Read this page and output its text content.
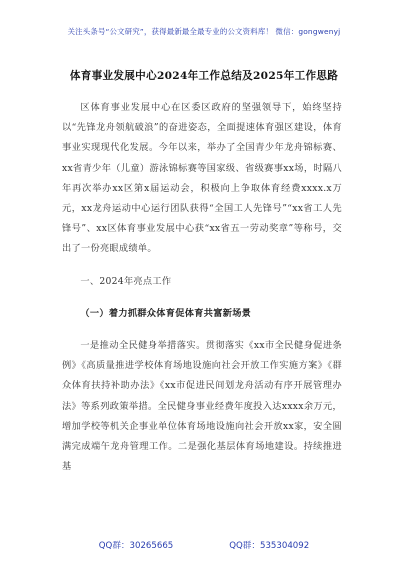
关注头条号“公文研究”，获得最新最全最专业的公文资料库！ 微信：gongwenyj
体育事业发展中心2024年工作总结及2025年工作思路

区体育事业发展中心在区委区政府的坚强领导下，始终坚持以“先锋龙舟领航破浪”的奋进姿态，全面提速体育强区建设，体育事业实现现代化发展。今年以来，举办了全国青少年龙舟锦标赛、xx省青少年（儿童）游泳锦标赛等国家级、省级赛事xx场，时隔八年再次举办xx区第x届运动会，积极向上争取体育经费xxxx.x万元，xx龙舟运动中心运行团队获得“全国工人先锋号”“xx省工人先锋号”、xx区体育事业发展中心获“xx省五一劳动奖章”等称号，交出了一份亮眼成绩单。

一、2024年亮点工作

（一）着力抓群众体育促体育共富新场景

一是推动全民健身举措落实。贯彻落实《xx市全民健身促进条例》《高质量推进学校体育场地设施向社会开放工作实施方案》《群众体育扶持补助办法》《xx市促进民间划龙舟活动有序开展管理办法》等系列政策举措。全民健身事业经费年度投入达xxxx余万元，增加学校等机关企事业单位体育场地设施向社会开放xx家，安全圆满完成端午龙舟管理工作。二是强化基层体育场地建设。持续推进基

QQ群：30265665	QQ群：535304092
